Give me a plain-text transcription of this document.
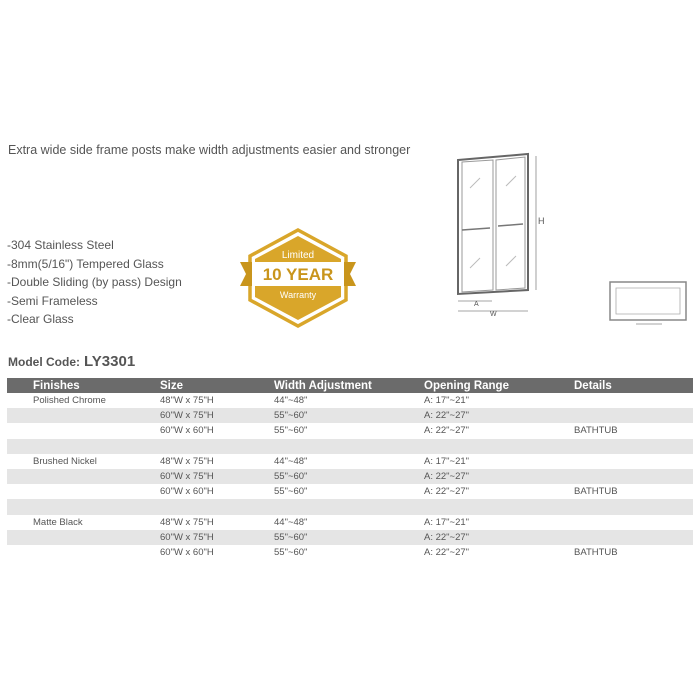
Extra wide side frame posts make width adjustments easier and stronger
-304 Stainless Steel
-8mm(5/16") Tempered Glass
-Double Sliding (by pass) Design
-Semi Frameless
-Clear Glass
Limited
10 YEAR
Warranty
H
A
W
Model Code: LY3301
Finishes	Size	Width Adjustment	Opening Range	Details
Polished Chrome	48"W x 75"H	44"~48"	A: 17"~21"	
	60"W x 75"H	55"~60"	A: 22"~27"	
	60"W x 60"H	55"~60"	A: 22"~27"	BATHTUB

Brushed Nickel	48"W x 75"H	44"~48"	A: 17"~21"	
	60"W x 75"H	55"~60"	A: 22"~27"	
	60"W x 60"H	55"~60"	A: 22"~27"	BATHTUB

Matte Black	48"W x 75"H	44"~48"	A: 17"~21"	
	60"W x 75"H	55"~60"	A: 22"~27"	
	60"W x 60"H	55"~60"	A: 22"~27"	BATHTUB
